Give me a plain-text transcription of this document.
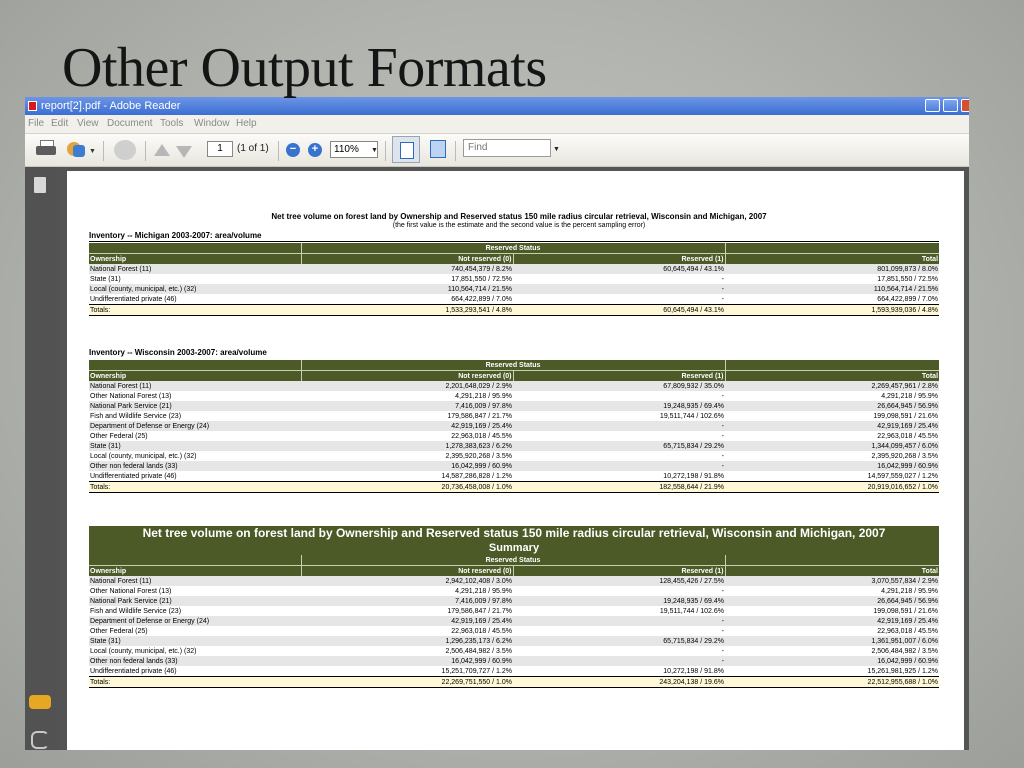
Other Output Formats
report[2].pdf - Adobe Reader
File Edit View Document Tools Window Help
▼	1	(1 of 1)	−	+	110%	▼	Find	▼
Net tree volume on forest land by Ownership and Reserved status 150 mile radius circular retrieval, Wisconsin and Michigan, 2007
(the first value is the estimate and the second value is the percent sampling error)
Inventory -- Michigan 2003-2007: area/volume
	Reserved Status		
Ownership	Not reserved (0)	Reserved (1)	Total
National Forest (11)	740,454,379 / 8.2%	60,645,494 / 43.1%	801,099,873 / 8.0%
State (31)	17,851,550 / 72.5%	-	17,851,550 / 72.5%
Local (county, municipal, etc.) (32)	110,564,714 / 21.5%	-	110,564,714 / 21.5%
Undifferentiated private (46)	664,422,899 / 7.0%	-	664,422,899 / 7.0%
Totals:	1,533,293,541 / 4.8%	60,645,494 / 43.1%	1,593,939,036 / 4.8%
Inventory -- Wisconsin 2003-2007: area/volume
	Reserved Status		
Ownership	Not reserved (0)	Reserved (1)	Total
National Forest (11)	2,201,648,029 / 2.9%	67,809,932 / 35.0%	2,269,457,961 / 2.8%
Other National Forest (13)	4,291,218 / 95.9%	-	4,291,218 / 95.9%
National Park Service (21)	7,416,009 / 97.8%	19,248,935 / 69.4%	26,664,945 / 56.9%
Fish and Wildlife Service (23)	179,586,847 / 21.7%	19,511,744 / 102.6%	199,098,591 / 21.6%
Department of Defense or Energy (24)	42,919,169 / 25.4%	-	42,919,169 / 25.4%
Other Federal (25)	22,963,018 / 45.5%	-	22,963,018 / 45.5%
State (31)	1,278,383,623 / 6.2%	65,715,834 / 29.2%	1,344,099,457 / 6.0%
Local (county, municipal, etc.) (32)	2,395,920,268 / 3.5%	-	2,395,920,268 / 3.5%
Other non federal lands (33)	16,042,999 / 60.9%	-	16,042,999 / 60.9%
Undifferentiated private (46)	14,587,286,828 / 1.2%	10,272,198 / 91.8%	14,597,559,027 / 1.2%
Totals:	20,736,458,008 / 1.0%	182,558,644 / 21.9%	20,919,016,652 / 1.0%
Net tree volume on forest land by Ownership and Reserved status 150 mile radius circular retrieval, Wisconsin and Michigan, 2007			
Summary			
	Reserved Status		
Ownership	Not reserved (0)	Reserved (1)	Total
National Forest (11)	2,942,102,408 / 3.0%	128,455,426 / 27.5%	3,070,557,834 / 2.9%
Other National Forest (13)	4,291,218 / 95.9%	-	4,291,218 / 95.9%
National Park Service (21)	7,416,009 / 97.8%	19,248,935 / 69.4%	26,664,945 / 56.9%
Fish and Wildlife Service (23)	179,586,847 / 21.7%	19,511,744 / 102.6%	199,098,591 / 21.6%
Department of Defense or Energy (24)	42,919,169 / 25.4%	-	42,919,169 / 25.4%
Other Federal (25)	22,963,018 / 45.5%	-	22,963,018 / 45.5%
State (31)	1,296,235,173 / 6.2%	65,715,834 / 29.2%	1,361,951,007 / 6.0%
Local (county, municipal, etc.) (32)	2,506,484,982 / 3.5%	-	2,506,484,982 / 3.5%
Other non federal lands (33)	16,042,999 / 60.9%	-	16,042,999 / 60.9%
Undifferentiated private (46)	15,251,709,727 / 1.2%	10,272,198 / 91.8%	15,261,981,925 / 1.2%
Totals:	22,269,751,550 / 1.0%	243,204,138 / 19.6%	22,512,955,688 / 1.0%
